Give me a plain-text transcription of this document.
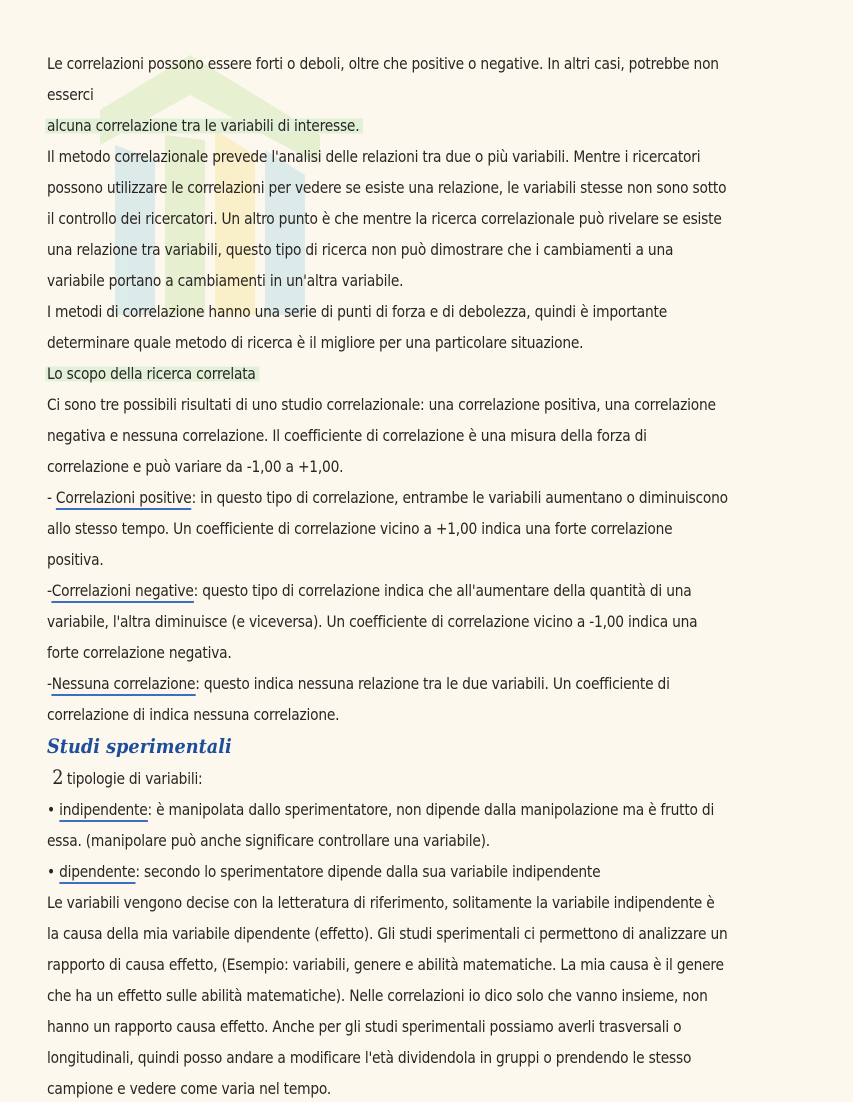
Le correlazioni possono essere forti o deboli, oltre che positive o negative. In altri casi, potrebbe non esserci
alcuna correlazione tra le variabili di interesse.

Il metodo correlazionale prevede l'analisi delle relazioni tra due o più variabili. Mentre i ricercatori possono utilizzare le correlazioni per vedere se esiste una relazione, le variabili stesse non sono sotto il controllo dei ricercatori. Un altro punto è che mentre la ricerca correlazionale può rivelare se esiste una relazione tra variabili, questo tipo di ricerca non può dimostrare che i cambiamenti a una variabile portano a cambiamenti in un'altra variabile.

I metodi di correlazione hanno una serie di punti di forza e di debolezza, quindi è importante determinare quale metodo di ricerca è il migliore per una particolare situazione.

Lo scopo della ricerca correlata

Ci sono tre possibili risultati di uno studio correlazionale: una correlazione positiva, una correlazione negativa e nessuna correlazione. Il coefficiente di correlazione è una misura della forza di correlazione e può variare da -1,00 a +1,00.

- Correlazioni positive: in questo tipo di correlazione, entrambe le variabili aumentano o diminuiscono allo stesso tempo. Un coefficiente di correlazione vicino a +1,00 indica una forte correlazione positiva.

-Correlazioni negative: questo tipo di correlazione indica che all'aumentare della quantità di una variabile, l'altra diminuisce (e viceversa). Un coefficiente di correlazione vicino a -1,00 indica una forte correlazione negativa.

-Nessuna correlazione: questo indica nessuna relazione tra le due variabili. Un coefficiente di correlazione di indica nessuna correlazione.

Studi sperimentali

2 tipologie di variabili:

• indipendente: è manipolata dallo sperimentatore, non dipende dalla manipolazione ma è frutto di essa. (manipolare può anche significare controllare una variabile).

• dipendente: secondo lo sperimentatore dipende dalla sua variabile indipendente

Le variabili vengono decise con la letteratura di riferimento, solitamente la variabile indipendente è la causa della mia variabile dipendente (effetto). Gli studi sperimentali ci permettono di analizzare un rapporto di causa effetto, (Esempio: variabili, genere e abilità matematiche. La mia causa è il genere che ha un effetto sulle abilità matematiche). Nelle correlazioni io dico solo che vanno insieme, non hanno un rapporto causa effetto. Anche per gli studi sperimentali possiamo averli trasversali o longitudinali, quindi posso andare a modificare l'età dividendola in gruppi o prendendo le stesso campione e vedere come varia nel tempo.
